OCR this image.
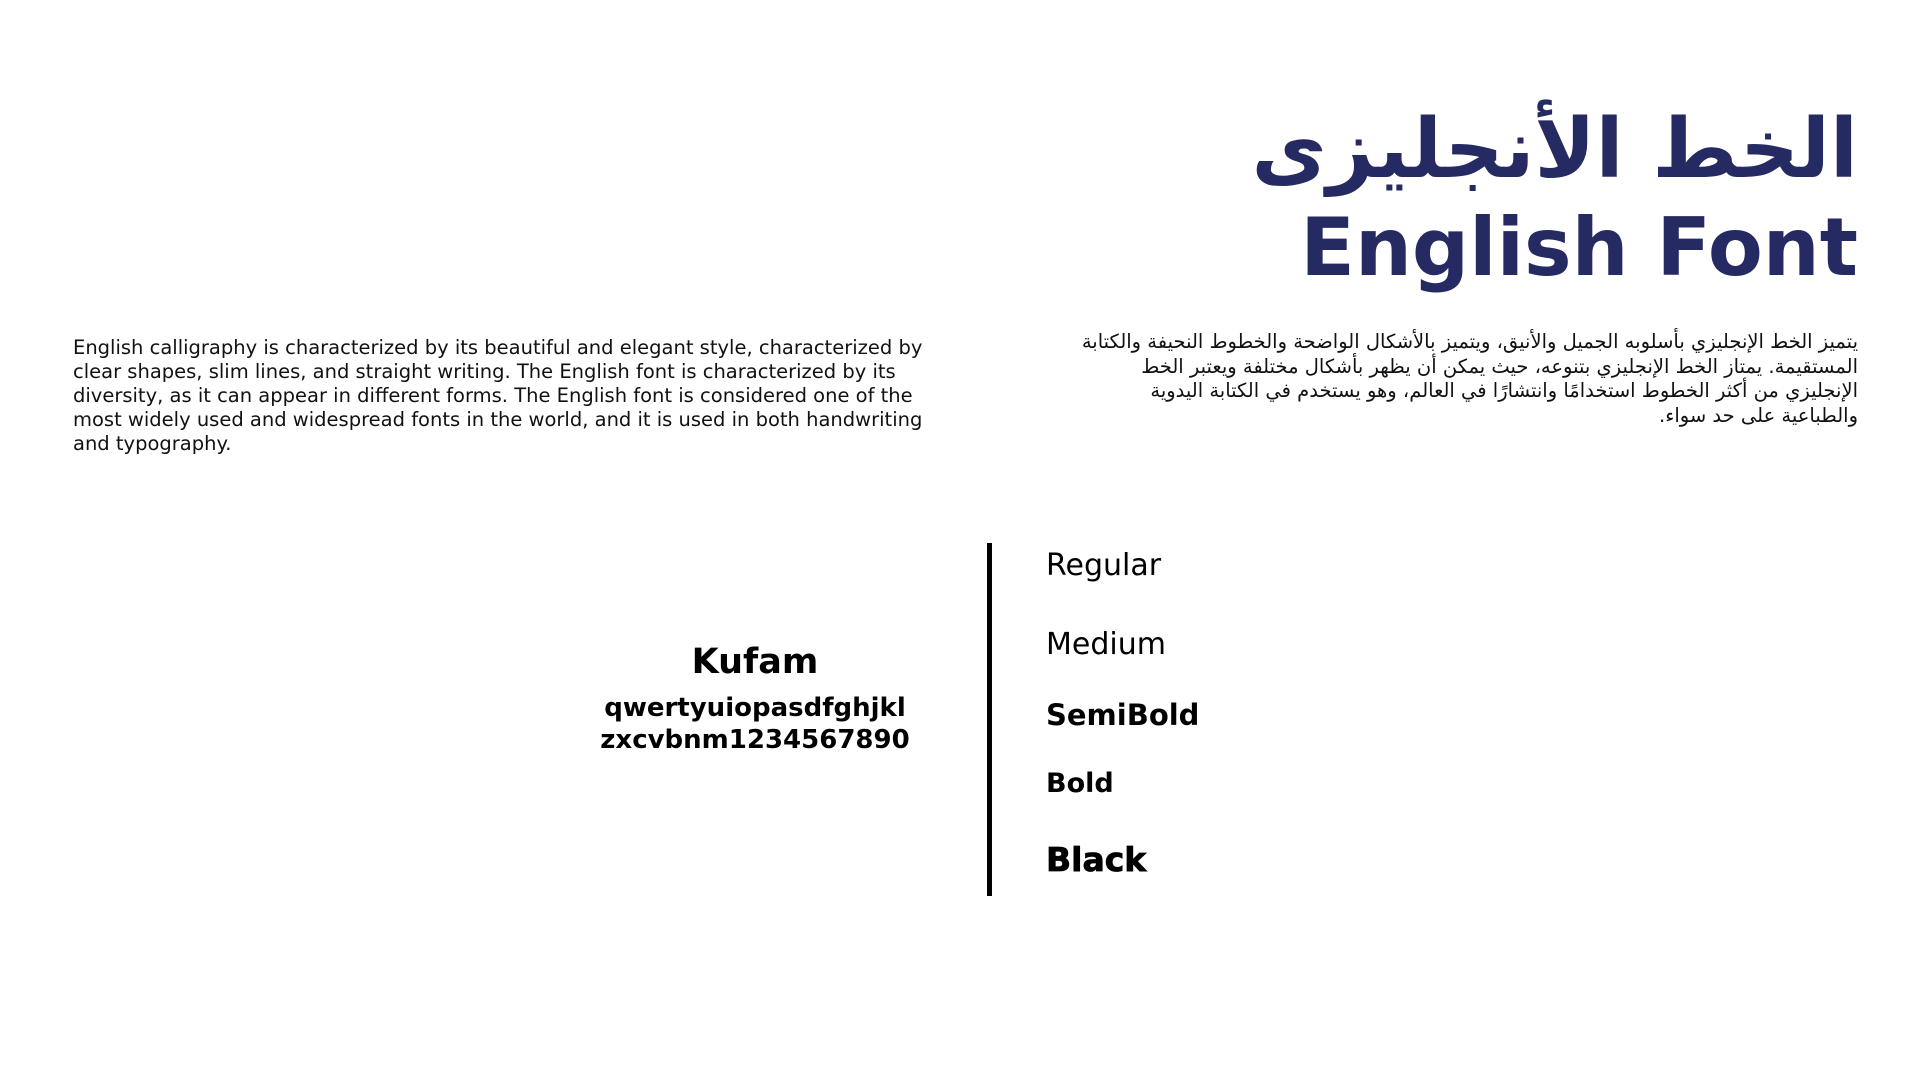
الخط الأنجليزى
English Font

English calligraphy is characterized by its beautiful and elegant style, characterized by clear shapes, slim lines, and straight writing. The English font is characterized by its diversity, as it can appear in different forms. The English font is considered one of the most widely used and widespread fonts in the world, and it is used in both handwriting and typography.

يتميز الخط الإنجليزي بأسلوبه الجميل والأنيق، ويتميز بالأشكال الواضحة والخطوط النحيفة والكتابة المستقيمة. يمتاز الخط الإنجليزي بتنوعه، حيث يمكن أن يظهر بأشكال مختلفة ويعتبر الخط الإنجليزي من أكثر الخطوط استخدامًا وانتشارًا في العالم، وهو يستخدم في الكتابة اليدوية والطباعية على حد سواء.

Kufam
qwertyuiopasdfghjkl
zxcvbnm1234567890
Regular
Medium
SemiBold
Bold
Black
